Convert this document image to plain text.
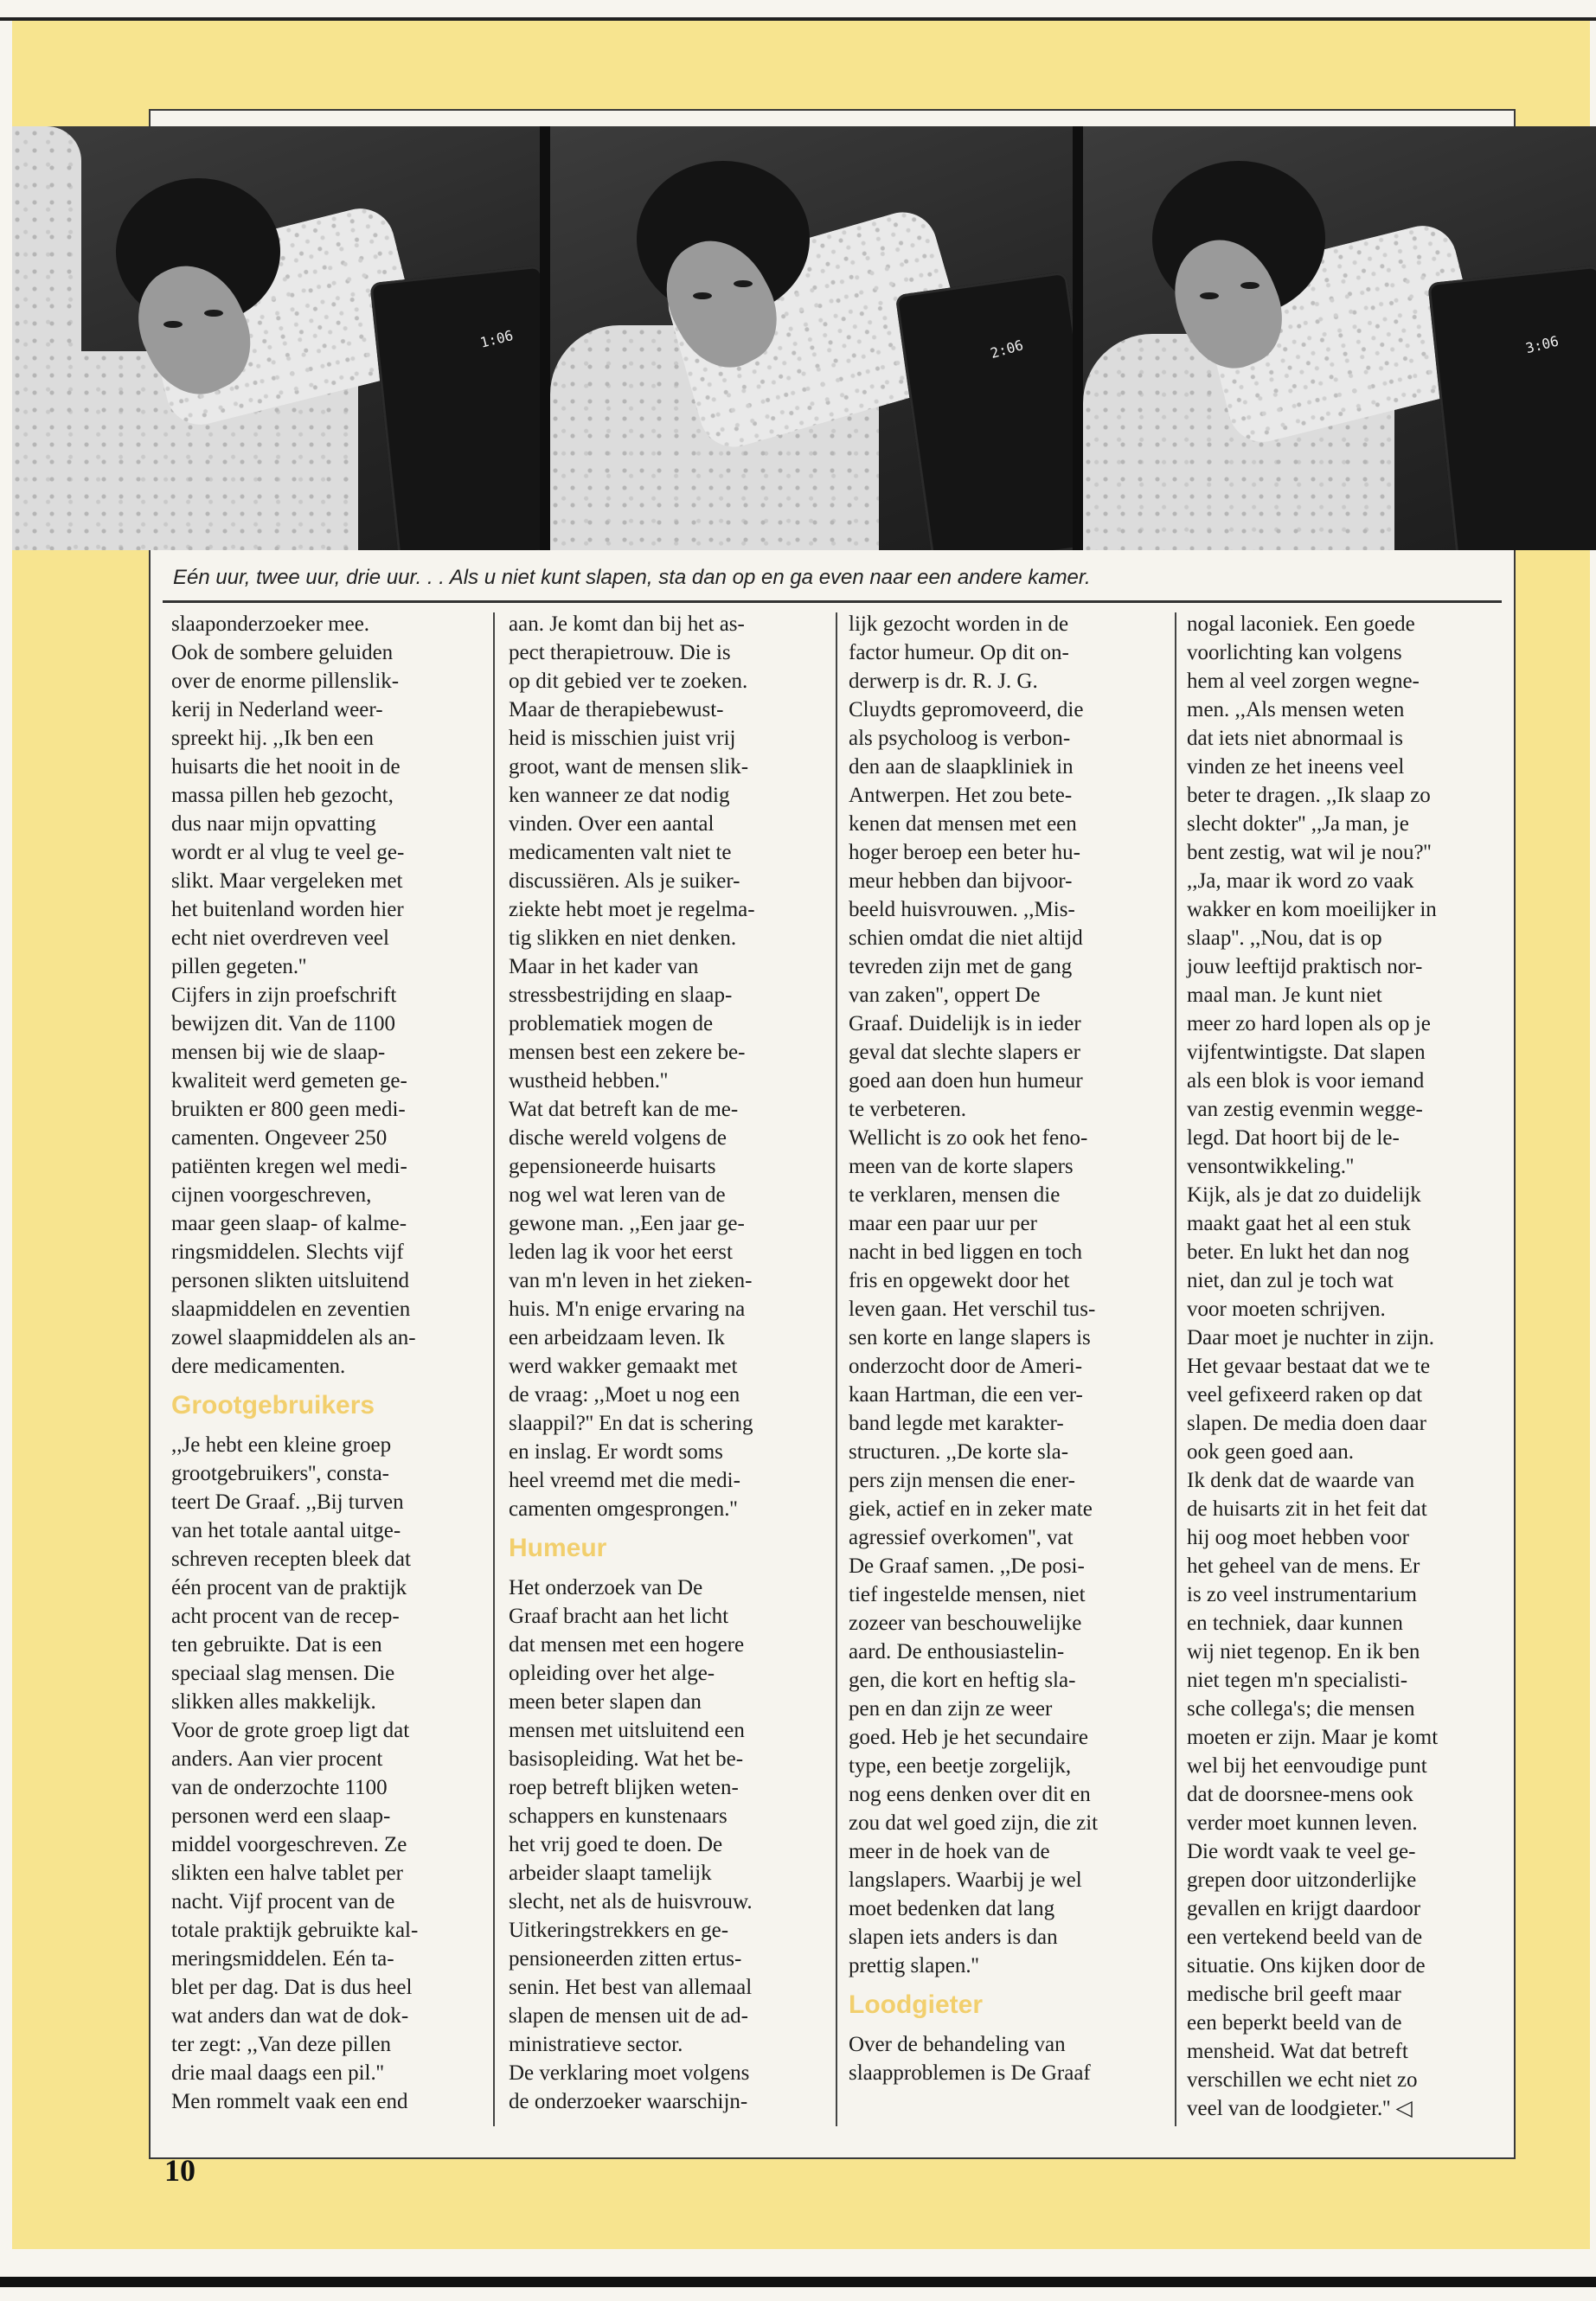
1:06	2:06	3:06
Eén uur, twee uur, drie uur. . . Als u niet kunt slapen, sta dan op en ga even naar een andere kamer.
slaaponderzoeker mee.
Ook de sombere geluiden
over de enorme pillenslik-
kerij in Nederland weer-
spreekt hij. ,,Ik ben een
huisarts die het nooit in de
massa pillen heb gezocht,
dus naar mijn opvatting
wordt er al vlug te veel ge-
slikt. Maar vergeleken met
het buitenland worden hier
echt niet overdreven veel
pillen gegeten.''
Cijfers in zijn proefschrift
bewijzen dit. Van de 1100
mensen bij wie de slaap-
kwaliteit werd gemeten ge-
bruikten er 800 geen medi-
camenten. Ongeveer 250
patiënten kregen wel medi-
cijnen voorgeschreven,
maar geen slaap- of kalme-
ringsmiddelen. Slechts vijf
personen slikten uitsluitend
slaapmiddelen en zeventien
zowel slaapmiddelen als an-
dere medicamenten.
Grootgebruikers
,,Je hebt een kleine groep
grootgebruikers'', consta-
teert De Graaf. ,,Bij turven
van het totale aantal uitge-
schreven recepten bleek dat
één procent van de praktijk
acht procent van de recep-
ten gebruikte. Dat is een
speciaal slag mensen. Die
slikken alles makkelijk.
Voor de grote groep ligt dat
anders. Aan vier procent
van de onderzochte 1100
personen werd een slaap-
middel voorgeschreven. Ze
slikten een halve tablet per
nacht. Vijf procent van de
totale praktijk gebruikte kal-
meringsmiddelen. Eén ta-
blet per dag. Dat is dus heel
wat anders dan wat de dok-
ter zegt: ,,Van deze pillen
drie maal daags een pil.''
Men rommelt vaak een end
aan. Je komt dan bij het as-
pect therapietrouw. Die is
op dit gebied ver te zoeken.
Maar de therapiebewust-
heid is misschien juist vrij
groot, want de mensen slik-
ken wanneer ze dat nodig
vinden. Over een aantal
medicamenten valt niet te
discussiëren. Als je suiker-
ziekte hebt moet je regelma-
tig slikken en niet denken.
Maar in het kader van
stressbestrijding en slaap-
problematiek mogen de
mensen best een zekere be-
wustheid hebben.''
Wat dat betreft kan de me-
dische wereld volgens de
gepensioneerde huisarts
nog wel wat leren van de
gewone man. ,,Een jaar ge-
leden lag ik voor het eerst
van m'n leven in het zieken-
huis. M'n enige ervaring na
een arbeidzaam leven. Ik
werd wakker gemaakt met
de vraag: ,,Moet u nog een
slaappil?'' En dat is schering
en inslag. Er wordt soms
heel vreemd met die medi-
camenten omgesprongen.''
Humeur
Het onderzoek van De
Graaf bracht aan het licht
dat mensen met een hogere
opleiding over het alge-
meen beter slapen dan
mensen met uitsluitend een
basisopleiding. Wat het be-
roep betreft blijken weten-
schappers en kunstenaars
het vrij goed te doen. De
arbeider slaapt tamelijk
slecht, net als de huisvrouw.
Uitkeringstrekkers en ge-
pensioneerden zitten ertus-
senin. Het best van allemaal
slapen de mensen uit de ad-
ministratieve sector.
De verklaring moet volgens
de onderzoeker waarschijn-
lijk gezocht worden in de
factor humeur. Op dit on-
derwerp is dr. R. J. G.
Cluydts gepromoveerd, die
als psycholoog is verbon-
den aan de slaapkliniek in
Antwerpen. Het zou bete-
kenen dat mensen met een
hoger beroep een beter hu-
meur hebben dan bijvoor-
beeld huisvrouwen. ,,Mis-
schien omdat die niet altijd
tevreden zijn met de gang
van zaken'', oppert De
Graaf. Duidelijk is in ieder
geval dat slechte slapers er
goed aan doen hun humeur
te verbeteren.
Wellicht is zo ook het feno-
meen van de korte slapers
te verklaren, mensen die
maar een paar uur per
nacht in bed liggen en toch
fris en opgewekt door het
leven gaan. Het verschil tus-
sen korte en lange slapers is
onderzocht door de Ameri-
kaan Hartman, die een ver-
band legde met karakter-
structuren. ,,De korte sla-
pers zijn mensen die ener-
giek, actief en in zeker mate
agressief overkomen'', vat
De Graaf samen. ,,De posi-
tief ingestelde mensen, niet
zozeer van beschouwelijke
aard. De enthousiastelin-
gen, die kort en heftig sla-
pen en dan zijn ze weer
goed. Heb je het secundaire
type, een beetje zorgelijk,
nog eens denken over dit en
zou dat wel goed zijn, die zit
meer in de hoek van de
langslapers. Waarbij je wel
moet bedenken dat lang
slapen iets anders is dan
prettig slapen.''
Loodgieter
Over de behandeling van
slaapproblemen is De Graaf
nogal laconiek. Een goede
voorlichting kan volgens
hem al veel zorgen wegne-
men. ,,Als mensen weten
dat iets niet abnormaal is
vinden ze het ineens veel
beter te dragen. ,,Ik slaap zo
slecht dokter'' ,,Ja man, je
bent zestig, wat wil je nou?''
,,Ja, maar ik word zo vaak
wakker en kom moeilijker in
slaap''. ,,Nou, dat is op
jouw leeftijd praktisch nor-
maal man. Je kunt niet
meer zo hard lopen als op je
vijfentwintigste. Dat slapen
als een blok is voor iemand
van zestig evenmin wegge-
legd. Dat hoort bij de le-
vensontwikkeling.''
Kijk, als je dat zo duidelijk
maakt gaat het al een stuk
beter. En lukt het dan nog
niet, dan zul je toch wat
voor moeten schrijven.
Daar moet je nuchter in zijn.
Het gevaar bestaat dat we te
veel gefixeerd raken op dat
slapen. De media doen daar
ook geen goed aan.
Ik denk dat de waarde van
de huisarts zit in het feit dat
hij oog moet hebben voor
het geheel van de mens. Er
is zo veel instrumentarium
en techniek, daar kunnen
wij niet tegenop. En ik ben
niet tegen m'n specialisti-
sche collega's; die mensen
moeten er zijn. Maar je komt
wel bij het eenvoudige punt
dat de doorsnee-mens ook
verder moet kunnen leven.
Die wordt vaak te veel ge-
grepen door uitzonderlijke
gevallen en krijgt daardoor
een vertekend beeld van de
situatie. Ons kijken door de
medische bril geeft maar
een beperkt beeld van de
mensheid. Wat dat betreft
verschillen we echt niet zo
veel van de loodgieter.'' ◁
10
